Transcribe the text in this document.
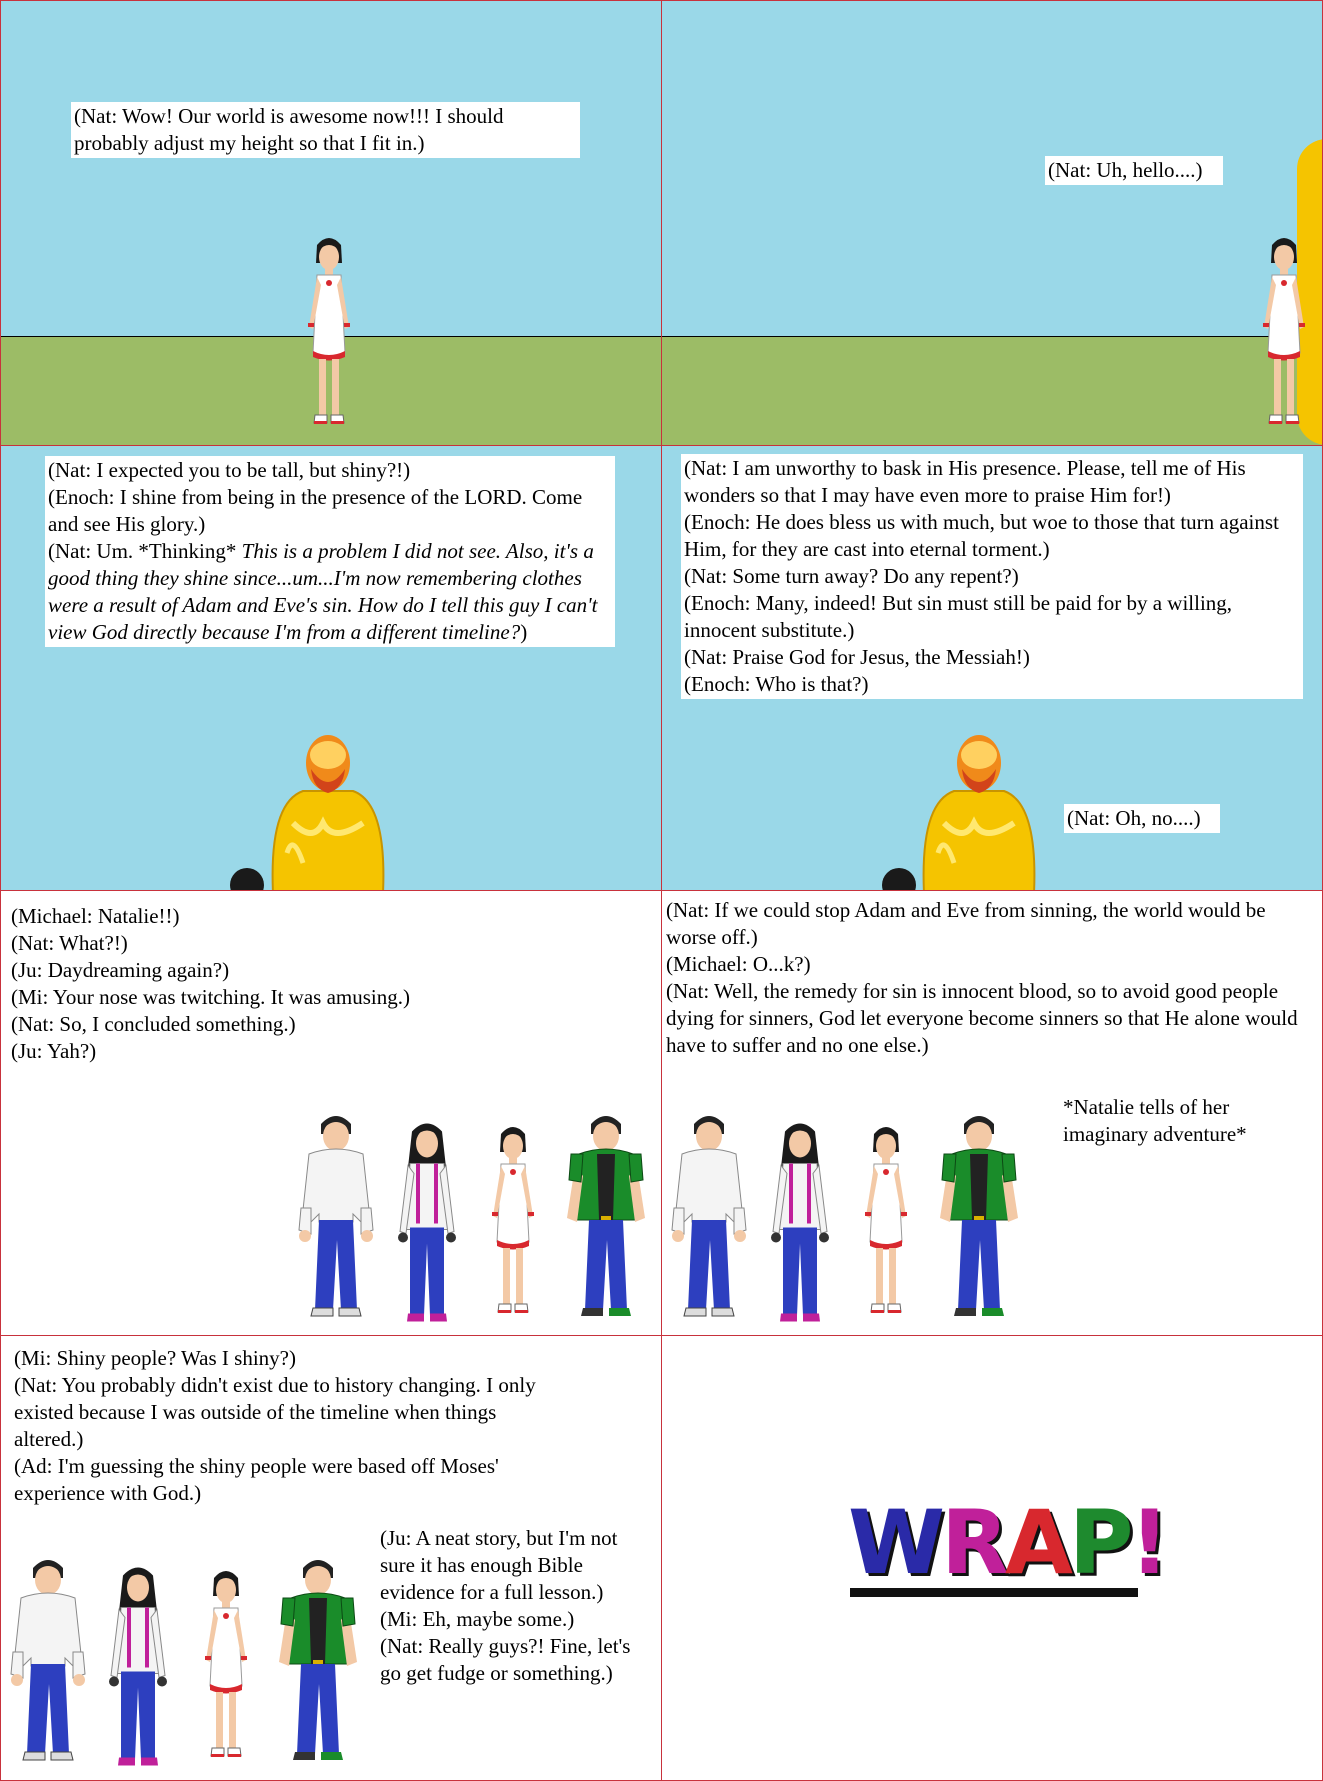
(Nat: Wow! Our world is awesome now!!! I should probably adjust my height so that I fit in.)

(Nat: Uh, hello....)

(Nat: I expected you to be tall, but shiny?!)

(Enoch: I shine from being in the presence of the LORD. Come and see His glory.)

(Nat: Um. *Thinking* This is a problem I did not see. Also, it's a good thing they shine since...um...I'm now remembering clothes were a result of Adam and Eve's sin. How do I tell this guy I can't view God directly because I'm from a different timeline?)

(Nat: I am unworthy to bask in His presence. Please, tell me of His wonders so that I may have even more to praise Him for!)

(Enoch: He does bless us with much, but woe to those that turn against Him, for they are cast into eternal torment.)

(Nat: Some turn away? Do any repent?)

(Enoch: Many, indeed! But sin must still be paid for by a willing, innocent substitute.)

(Nat: Praise God for Jesus, the Messiah!)

(Enoch: Who is that?)

(Nat: Oh, no....)

(Michael: Natalie!!)

(Nat: What?!)

(Ju: Daydreaming again?)

(Mi: Your nose was twitching. It was amusing.)

(Nat: So, I concluded something.)

(Ju: Yah?)

(Nat: If we could stop Adam and Eve from sinning, the world would be worse off.)

(Michael: O...k?)

(Nat: Well, the remedy for sin is innocent blood, so to avoid good people dying for sinners, God let everyone become sinners so that He alone would have to suffer and no one else.)

*Natalie tells of her imaginary adventure*

(Mi: Shiny people? Was I shiny?)

(Nat: You probably didn't exist due to history changing. I only existed because I was outside of the timeline when things altered.)

(Ad: I'm guessing the shiny people were based off Moses' experience with God.)

(Ju: A neat story, but I'm not sure it has enough Bible evidence for a full lesson.)

(Mi: Eh, maybe some.)

(Nat: Really guys?! Fine, let's go get fudge or something.)

WRAP!
